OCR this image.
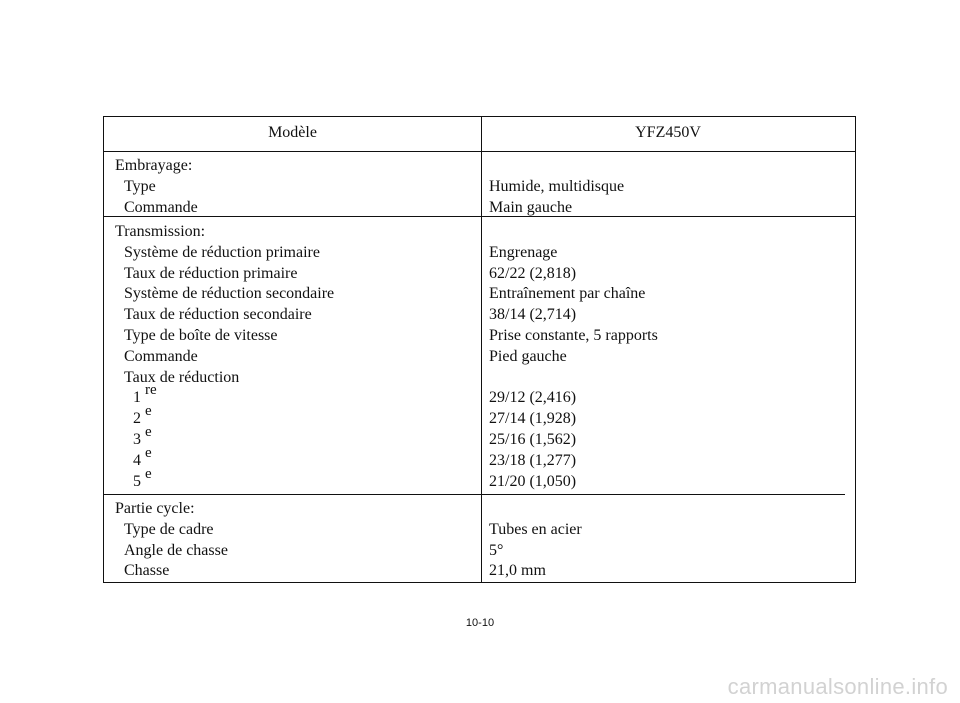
Modèle	YFZ450V
Embrayage:
Type
Commande
Humide, multidisque
Main gauche
Transmission:
Système de réduction primaire
Taux de réduction primaire
Système de réduction secondaire
Taux de réduction secondaire
Type de boîte de vitesse
Commande
Taux de réduction
1 re
2 e
3 e
4 e
5 e
Engrenage
62/22 (2,818)
Entraînement par chaîne
38/14 (2,714)
Prise constante, 5 rapports
Pied gauche
29/12 (2,416)
27/14 (1,928)
25/16 (1,562)
23/18 (1,277)
21/20 (1,050)
Partie cycle:
Type de cadre
Angle de chasse
Chasse
Tubes en acier
5°
21,0 mm
10-10
carmanualsonline.info
